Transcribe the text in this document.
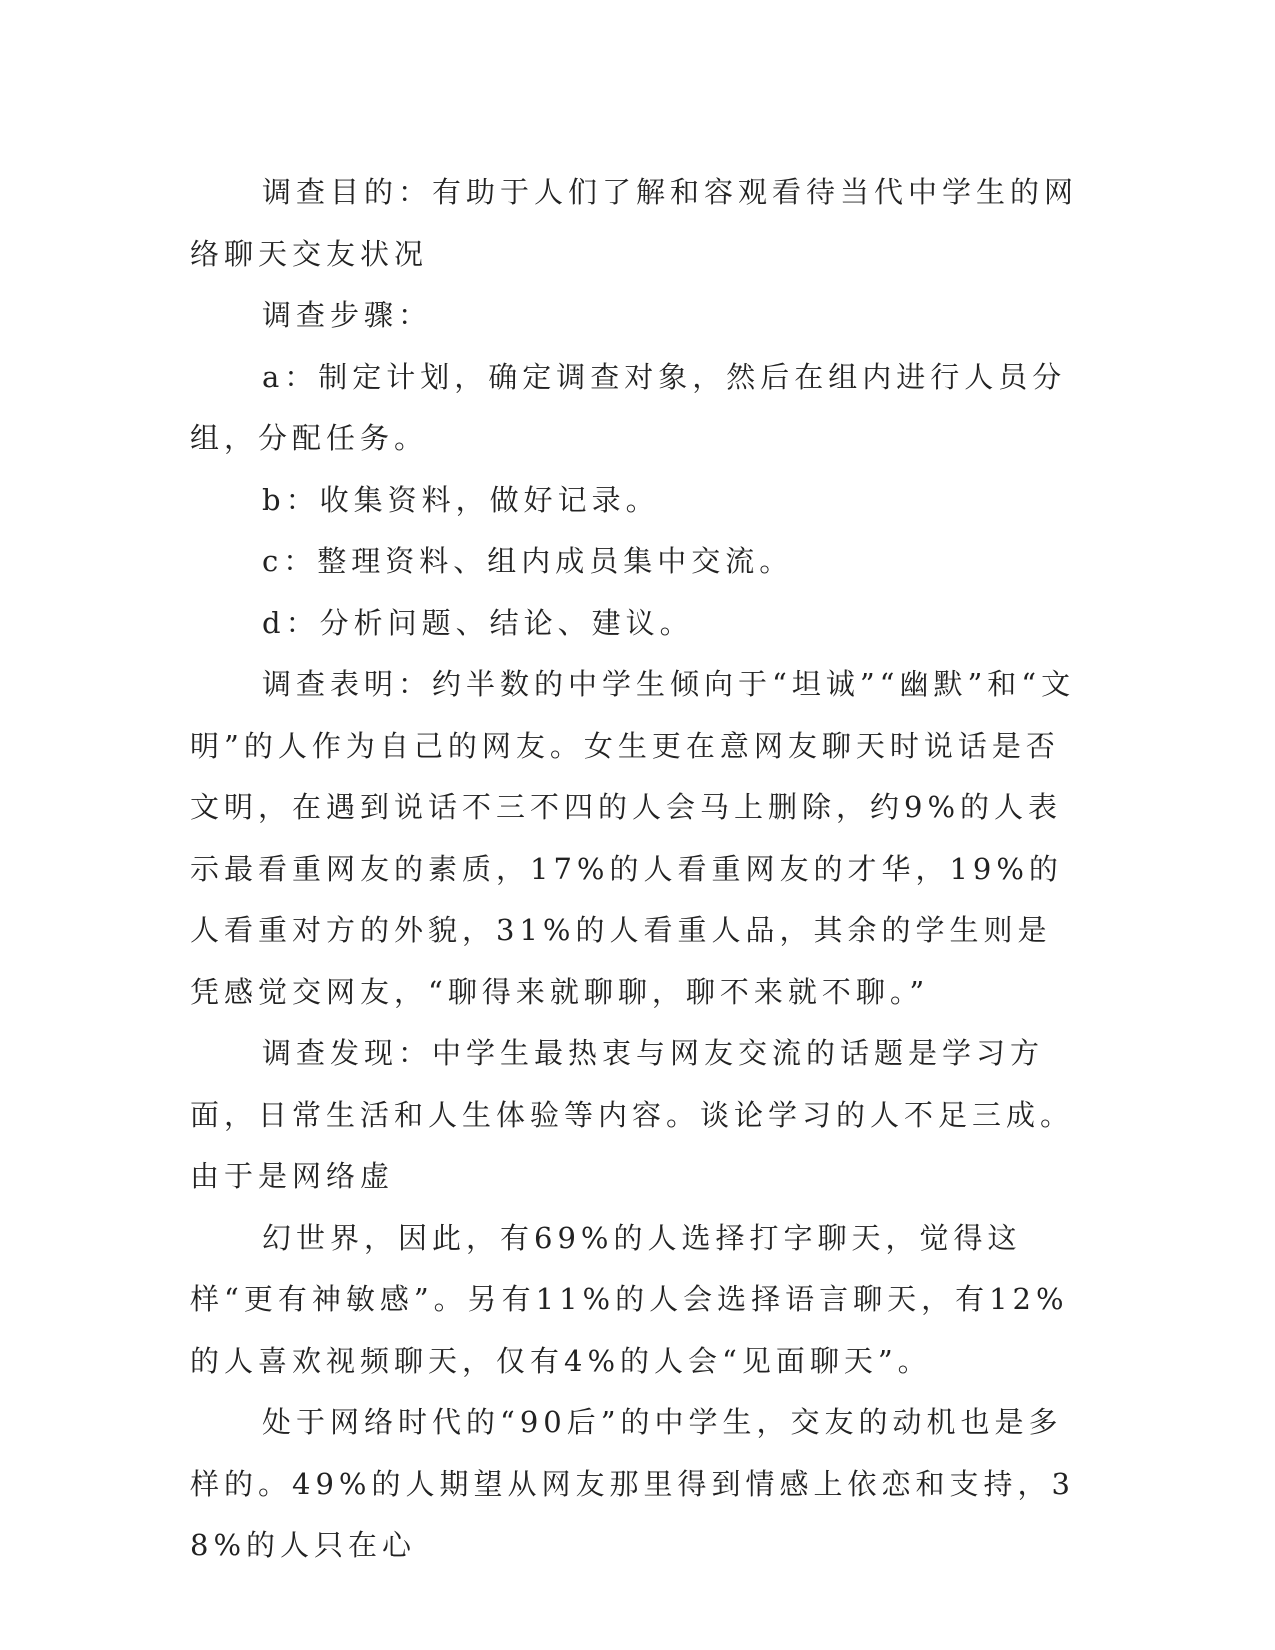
调查目的：有助于人们了解和容观看待当代中学生的网络聊天交友状况

调查步骤：

a：制定计划，确定调查对象，然后在组内进行人员分组，分配任务。

b：收集资料，做好记录。

c：整理资料、组内成员集中交流。

d：分析问题、结论、建议。

调查表明：约半数的中学生倾向于“坦诚”“幽默”和“文明”的人作为自己的网友。女生更在意网友聊天时说话是否文明，在遇到说话不三不四的人会马上删除，约9%的人表示最看重网友的素质，17%的人看重网友的才华，19%的人看重对方的外貌，31%的人看重人品，其余的学生则是凭感觉交网友，“聊得来就聊聊，聊不来就不聊。”

调查发现：中学生最热衷与网友交流的话题是学习方面，日常生活和人生体验等内容。谈论学习的人不足三成。由于是网络虚

幻世界，因此，有69%的人选择打字聊天，觉得这样“更有神敏感”。另有11%的人会选择语言聊天，有12%的人喜欢视频聊天，仅有4%的人会“见面聊天”。

处于网络时代的“90后”的中学生，交友的动机也是多样的。49%的人期望从网友那里得到情感上依恋和支持，38%的人只在心
